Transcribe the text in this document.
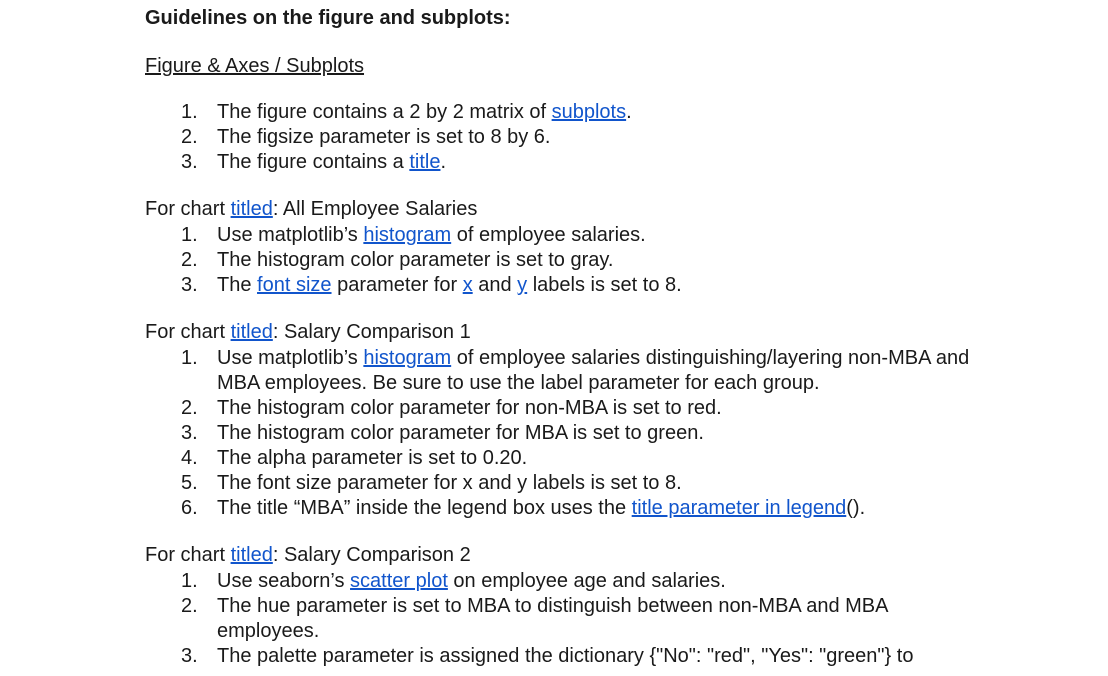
Guidelines on the figure and subplots:
Figure & Axes / Subplots
1. The figure contains a 2 by 2 matrix of subplots.
2. The figsize parameter is set to 8 by 6.
3. The figure contains a title.
For chart titled: All Employee Salaries
1. Use matplotlib’s histogram of employee salaries.
2. The histogram color parameter is set to gray.
3. The font size parameter for x and y labels is set to 8.
For chart titled: Salary Comparison 1
1. Use matplotlib’s histogram of employee salaries distinguishing/layering non-MBA and MBA employees. Be sure to use the label parameter for each group.
2. The histogram color parameter for non-MBA is set to red.
3. The histogram color parameter for MBA is set to green.
4. The alpha parameter is set to 0.20.
5. The font size parameter for x and y labels is set to 8.
6. The title “MBA” inside the legend box uses the title parameter in legend().
For chart titled: Salary Comparison 2
1. Use seaborn’s scatter plot on employee age and salaries.
2. The hue parameter is set to MBA to distinguish between non-MBA and MBA employees.
3. The palette parameter is assigned the dictionary {"No": "red", "Yes": "green"} to
